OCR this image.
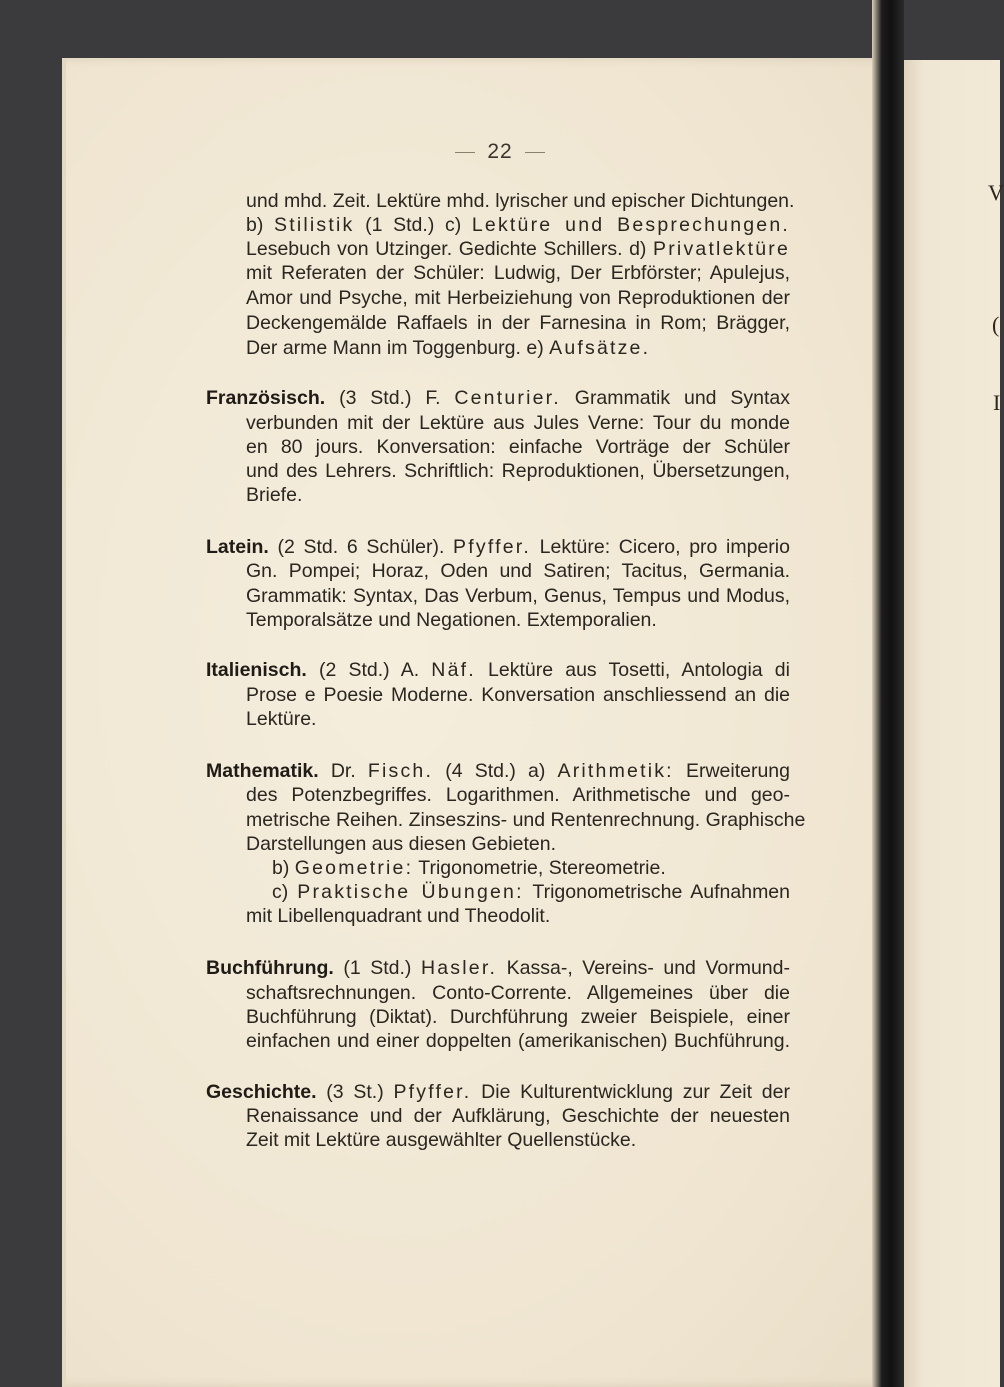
V
(
I
22
und mhd. Zeit. Lektüre mhd. lyrischer und epischer Dichtungen.
b) Stilistik (1 Std.) c) Lektüre und Besprechungen.
Lesebuch von Utzinger. Gedichte Schillers. d) Privatlektüre
mit Referaten der Schüler: Ludwig, Der Erbförster; Apulejus,
Amor und Psyche, mit Herbeiziehung von Reproduktionen der
Deckengemälde Raffaels in der Farnesina in Rom; Brägger,
Der arme Mann im Toggenburg. e) Aufsätze.
Französisch. (3 Std.) F. Centurier. Grammatik und Syntax
verbunden mit der Lektüre aus Jules Verne: Tour du monde
en 80 jours. Konversation: einfache Vorträge der Schüler
und des Lehrers. Schriftlich: Reproduktionen, Übersetzungen,
Briefe.
Latein. (2 Std. 6 Schüler). Pfyffer. Lektüre: Cicero, pro imperio
Gn. Pompei; Horaz, Oden und Satiren; Tacitus, Germania.
Grammatik: Syntax, Das Verbum, Genus, Tempus und Modus,
Temporalsätze und Negationen. Extemporalien.
Italienisch. (2 Std.) A. Näf. Lektüre aus Tosetti, Antologia di
Prose e Poesie Moderne. Konversation anschliessend an die
Lektüre.
Mathematik. Dr. Fisch. (4 Std.) a) Arithmetik: Erweiterung
des Potenzbegriffes. Logarithmen. Arithmetische und geo-
metrische Reihen. Zinseszins- und Rentenrechnung. Graphische
Darstellungen aus diesen Gebieten.
b) Geometrie: Trigonometrie, Stereometrie.
c) Praktische Übungen: Trigonometrische Aufnahmen
mit Libellenquadrant und Theodolit.
Buchführung. (1 Std.) Hasler. Kassa-, Vereins- und Vormund-
schaftsrechnungen. Conto-Corrente. Allgemeines über die
Buchführung (Diktat). Durchführung zweier Beispiele, einer
einfachen und einer doppelten (amerikanischen) Buchführung.
Geschichte. (3 St.) Pfyffer. Die Kulturentwicklung zur Zeit der
Renaissance und der Aufklärung, Geschichte der neuesten
Zeit mit Lektüre ausgewählter Quellenstücke.
